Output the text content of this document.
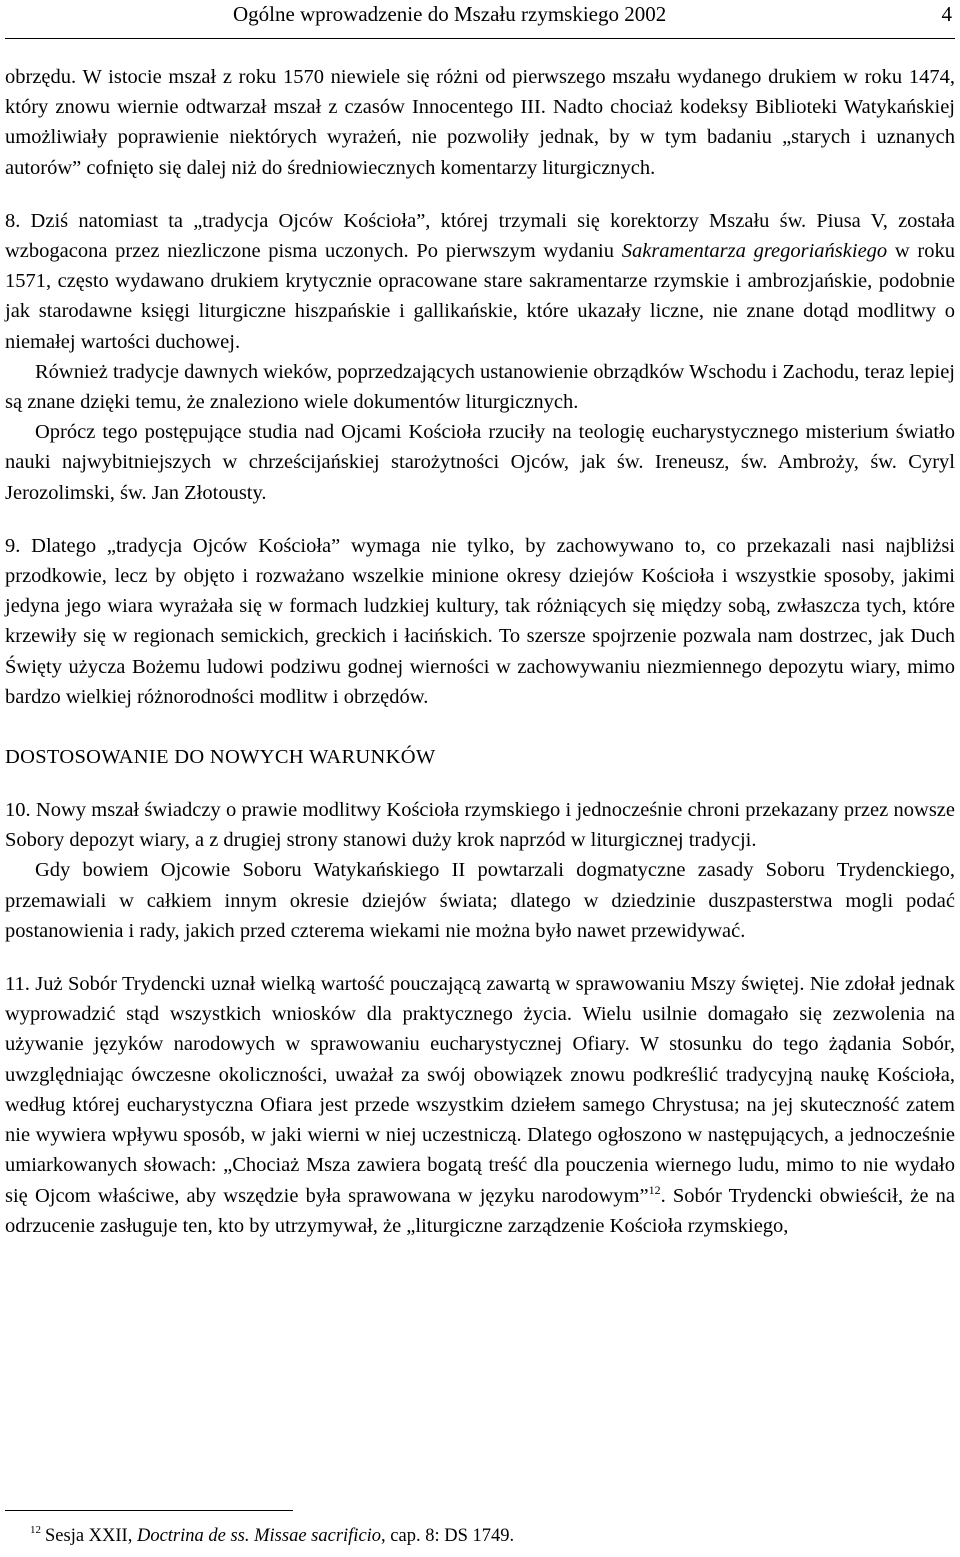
Ogólne wprowadzenie do Mszału rzymskiego 2002	4

obrzędu. W istocie mszał z roku 1570 niewiele się różni od pierwszego mszału wydanego drukiem w roku 1474, który znowu wiernie odtwarzał mszał z czasów Innocentego III. Nadto chociaż kodeksy Biblioteki Watykańskiej umożliwiały poprawienie niektórych wyrażeń, nie pozwoliły jednak, by w tym badaniu „starych i uznanych autorów” cofnięto się dalej niż do średniowiecznych komentarzy liturgicznych.

8. Dziś natomiast ta „tradycja Ojców Kościoła”, której trzymali się korektorzy Mszału św. Piusa V, została wzbogacona przez niezliczone pisma uczonych. Po pierwszym wydaniu Sakramentarza gregoriańskiego w roku 1571, często wydawano drukiem krytycznie opracowane stare sakramentarze rzymskie i ambrozjańskie, podobnie jak starodawne księgi liturgiczne hiszpańskie i gallikańskie, które ukazały liczne, nie znane dotąd modlitwy o niemałej wartości duchowej.

Również tradycje dawnych wieków, poprzedzających ustanowienie obrządków Wschodu i Zachodu, teraz lepiej są znane dzięki temu, że znaleziono wiele dokumentów liturgicznych.

Oprócz tego postępujące studia nad Ojcami Kościoła rzuciły na teologię eucharystycznego misterium światło nauki najwybitniejszych w chrześcijańskiej starożytności Ojców, jak św. Ireneusz, św. Ambroży, św. Cyryl Jerozolimski, św. Jan Złotousty.

9. Dlatego „tradycja Ojców Kościoła” wymaga nie tylko, by zachowywano to, co przekazali nasi najbliżsi przodkowie, lecz by objęto i rozważano wszelkie minione okresy dziejów Kościoła i wszystkie sposoby, jakimi jedyna jego wiara wyrażała się w formach ludzkiej kultury, tak różniących się między sobą, zwłaszcza tych, które krzewiły się w regionach semickich, greckich i łacińskich. To szersze spojrzenie pozwala nam dostrzec, jak Duch Święty użycza Bożemu ludowi podziwu godnej wierności w zachowywaniu niezmiennego depozytu wiary, mimo bardzo wielkiej różnorodności modlitw i obrzędów.

DOSTOSOWANIE DO NOWYCH WARUNKÓW

10. Nowy mszał świadczy o prawie modlitwy Kościoła rzymskiego i jednocześnie chroni przekazany przez nowsze Sobory depozyt wiary, a z drugiej strony stanowi duży krok naprzód w liturgicznej tradycji.

Gdy bowiem Ojcowie Soboru Watykańskiego II powtarzali dogmatyczne zasady Soboru Trydenckiego, przemawiali w całkiem innym okresie dziejów świata; dlatego w dziedzinie duszpasterstwa mogli podać postanowienia i rady, jakich przed czterema wiekami nie można było nawet przewidywać.

11. Już Sobór Trydencki uznał wielką wartość pouczającą zawartą w sprawowaniu Mszy świętej. Nie zdołał jednak wyprowadzić stąd wszystkich wniosków dla praktycznego życia. Wielu usilnie domagało się zezwolenia na używanie języków narodowych w sprawowaniu eucharystycznej Ofiary. W stosunku do tego żądania Sobór, uwzględniając ówczesne okoliczności, uważał za swój obowiązek znowu podkreślić tradycyjną naukę Kościoła, według której eucharystyczna Ofiara jest przede wszystkim dziełem samego Chrystusa; na jej skuteczność zatem nie wywiera wpływu sposób, w jaki wierni w niej uczestniczą. Dlatego ogłoszono w następujących, a jednocześnie umiarkowanych słowach: „Chociaż Msza zawiera bogatą treść dla pouczenia wiernego ludu, mimo to nie wydało się Ojcom właściwe, aby wszędzie była sprawowana w języku narodowym”$^{12}$. Sobór Trydencki obwieścił, że na odrzucenie zasługuje ten, kto by utrzymywał, że „liturgiczne zarządzenie Kościoła rzymskiego,

$^{12}$ Sesja XXII, Doctrina de ss. Missae sacrificio, cap. 8: DS 1749.
